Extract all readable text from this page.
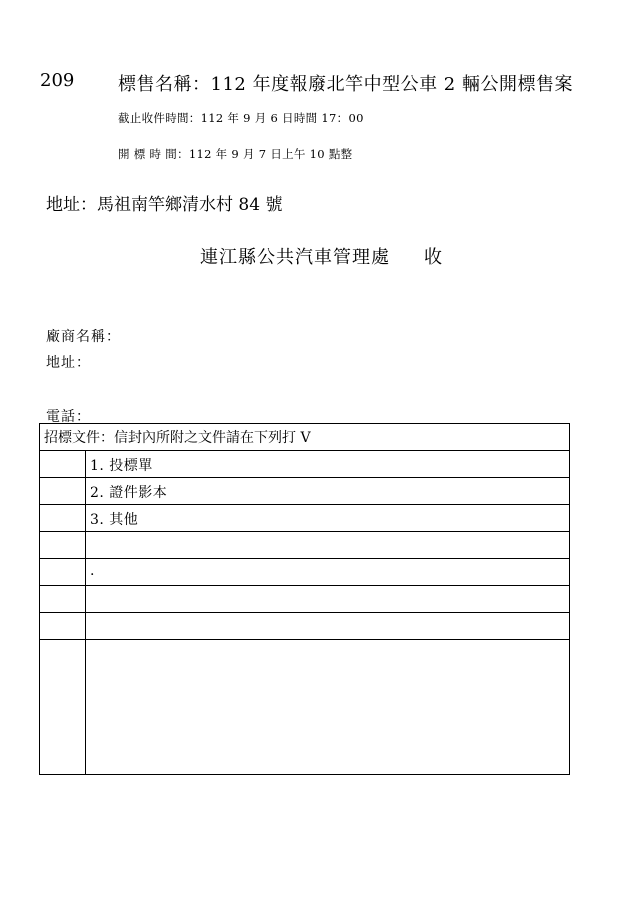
209 標售名稱：112 年度報廢北竿中型公車 2 輛公開標售案
截止收件時間：112 年 9 月 6 日時間 17：00
開 標 時 間：112 年 9 月 7 日上午 10 點整
地址：馬祖南竿鄉清水村 84 號
連江縣公共汽車管理處 收
廠商名稱：
地址：
電話：
招標文件：信封內所附之文件請在下列打 V
1. 投標單
2. 證件影本
3. 其他
.
